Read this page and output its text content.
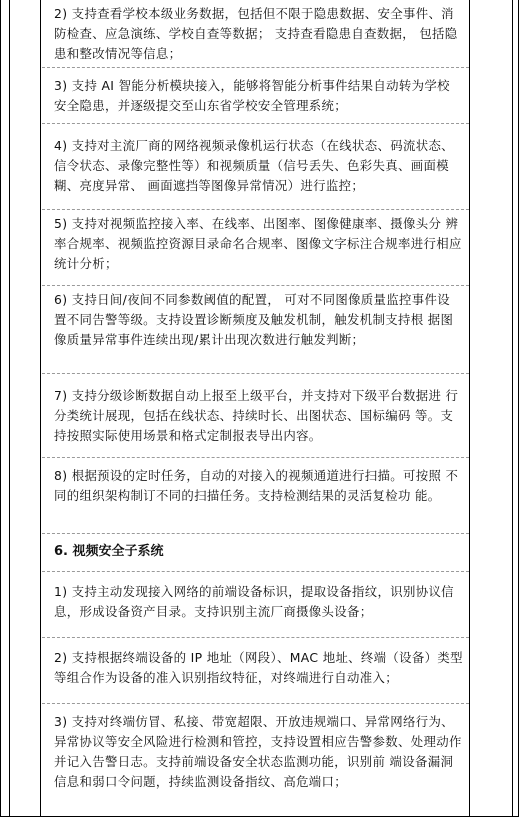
2) 支持查看学校本级业务数据，包括但不限于隐患数据、安全事件、消防检查、应急演练、学校自查等数据； 支持查看隐患自查数据， 包括隐患和整改情况等信息；

3) 支持 AI 智能分析模块接入，能够将智能分析事件结果自动转为学校 安全隐患，并逐级提交至山东省学校安全管理系统；

4) 支持对主流厂商的网络视频录像机运行状态（在线状态、码流状态、 信令状态、录像完整性等）和视频质量（信号丢失、色彩失真、画面模糊、亮度异常、 画面遮挡等图像异常情况）进行监控；

5) 支持对视频监控接入率、在线率、出图率、图像健康率、摄像头分 辨率合规率、视频监控资源目录命名合规率、图像文字标注合规率进行相应统计分析；

6) 支持日间/夜间不同参数阈值的配置， 可对不同图像质量监控事件设 置不同告警等级。支持设置诊断频度及触发机制，触发机制支持根 据图像质量异常事件连续出现/累计出现次数进行触发判断；

7) 支持分级诊断数据自动上报至上级平台，并支持对下级平台数据进 行分类统计展现，包括在线状态、持续时长、出图状态、国标编码 等。支持按照实际使用场景和格式定制报表导出内容。

8) 根据预设的定时任务，自动的对接入的视频通道进行扫描。可按照 不同的组织架构制订不同的扫描任务。支持检测结果的灵活复检功 能。

6. 视频安全子系统

1) 支持主动发现接入网络的前端设备标识，提取设备指纹，识别协议信息，形成设备资产目录。支持识别主流厂商摄像头设备；

2) 支持根据终端设备的 IP 地址（网段）、MAC 地址、终端（设备）类型 等组合作为设备的准入识别指纹特征，对终端进行自动准入；

3) 支持对终端仿冒、私接、带宽超限、开放违规端口、异常网络行为、异常协议等安全风险进行检测和管控，支持设置相应告警参数、处理动作并记入告警日志。支持前端设备安全状态监测功能，识别前 端设备漏洞信息和弱口令问题，持续监测设备指纹、高危端口；
